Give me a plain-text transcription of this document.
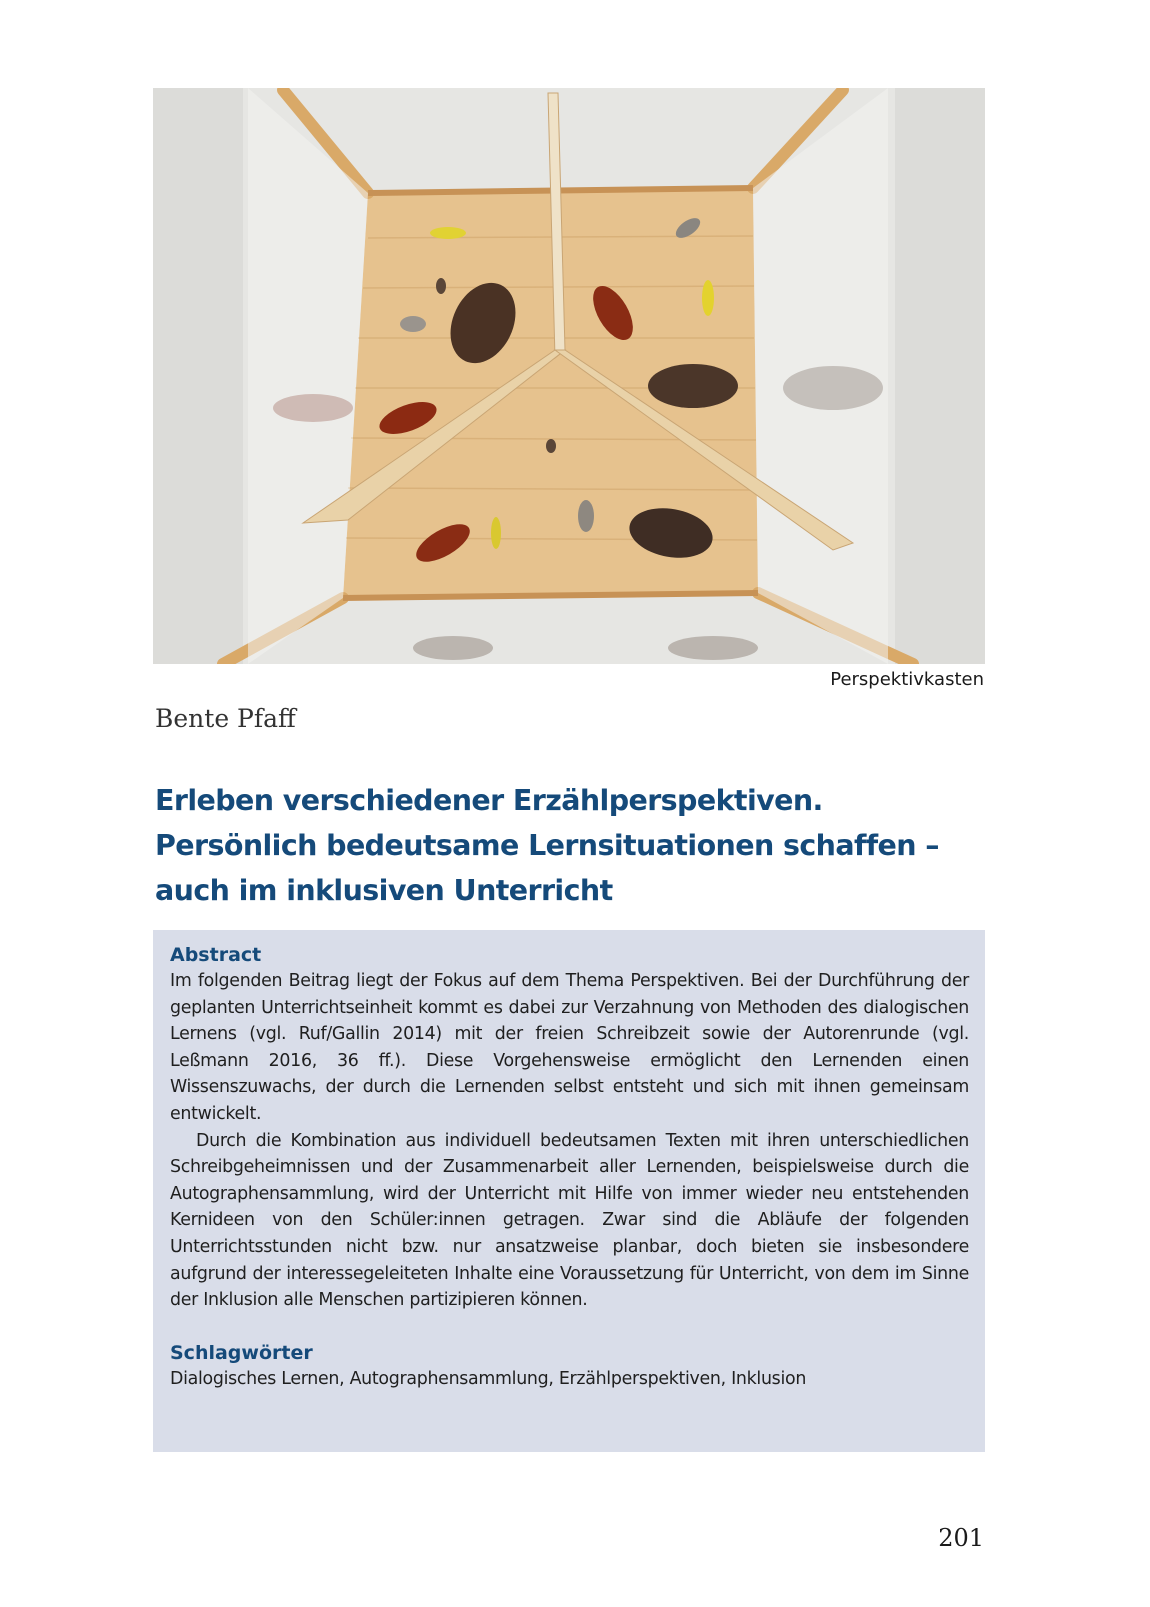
Perspektivkasten
Bente Pfaff
Erleben verschiedener Erzählperspektiven.
Persönlich bedeutsame Lernsituationen schaffen –
auch im inklusiven Unterricht

Abstract

Im folgenden Beitrag liegt der Fokus auf dem Thema Perspektiven. Bei der Durchführung der geplanten Unterrichtseinheit kommt es dabei zur Verzahnung von Methoden des dialogischen Lernens (vgl. Ruf/Gallin 2014) mit der freien Schreibzeit sowie der Autorenrunde (vgl. Leßmann 2016, 36 ff.). Diese Vorgehensweise ermöglicht den Lernenden einen Wissenszuwachs, der durch die Lernenden selbst entsteht und sich mit ihnen gemeinsam entwickelt.

Durch die Kombination aus individuell bedeutsamen Texten mit ihren unterschiedlichen Schreibgeheimnissen und der Zusammenarbeit aller Lernenden, beispielsweise durch die Autographensammlung, wird der Unterricht mit Hilfe von immer wieder neu entstehenden Kernideen von den Schüler:innen getragen. Zwar sind die Abläufe der folgenden Unterrichtsstunden nicht bzw. nur ansatzweise planbar, doch bieten sie insbesondere aufgrund der interessegeleiteten Inhalte eine Voraussetzung für Unterricht, von dem im Sinne der Inklusion alle Menschen partizipieren können.

Schlagwörter

Dialogisches Lernen, Autographensammlung, Erzählperspektiven, Inklusion

201
